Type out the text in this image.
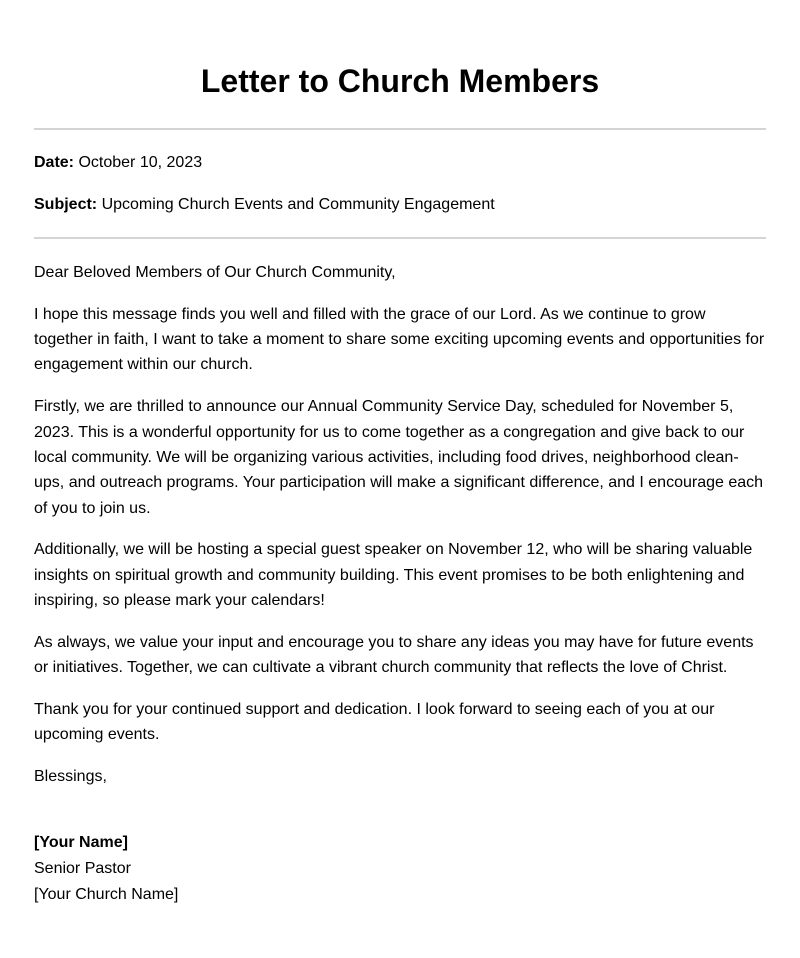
Letter to Church Members

Date: October 10, 2023

Subject: Upcoming Church Events and Community Engagement

Dear Beloved Members of Our Church Community,

I hope this message finds you well and filled with the grace of our Lord. As we continue to grow together in faith, I want to take a moment to share some exciting upcoming events and opportunities for engagement within our church.

Firstly, we are thrilled to announce our Annual Community Service Day, scheduled for November 5, 2023. This is a wonderful opportunity for us to come together as a congregation and give back to our local community. We will be organizing various activities, including food drives, neighborhood clean-ups, and outreach programs. Your participation will make a significant difference, and I encourage each of you to join us.

Additionally, we will be hosting a special guest speaker on November 12, who will be sharing valuable insights on spiritual growth and community building. This event promises to be both enlightening and inspiring, so please mark your calendars!

As always, we value your input and encourage you to share any ideas you may have for future events or initiatives. Together, we can cultivate a vibrant church community that reflects the love of Christ.

Thank you for your continued support and dedication. I look forward to seeing each of you at our upcoming events.

Blessings,

[Your Name]
Senior Pastor
[Your Church Name]
